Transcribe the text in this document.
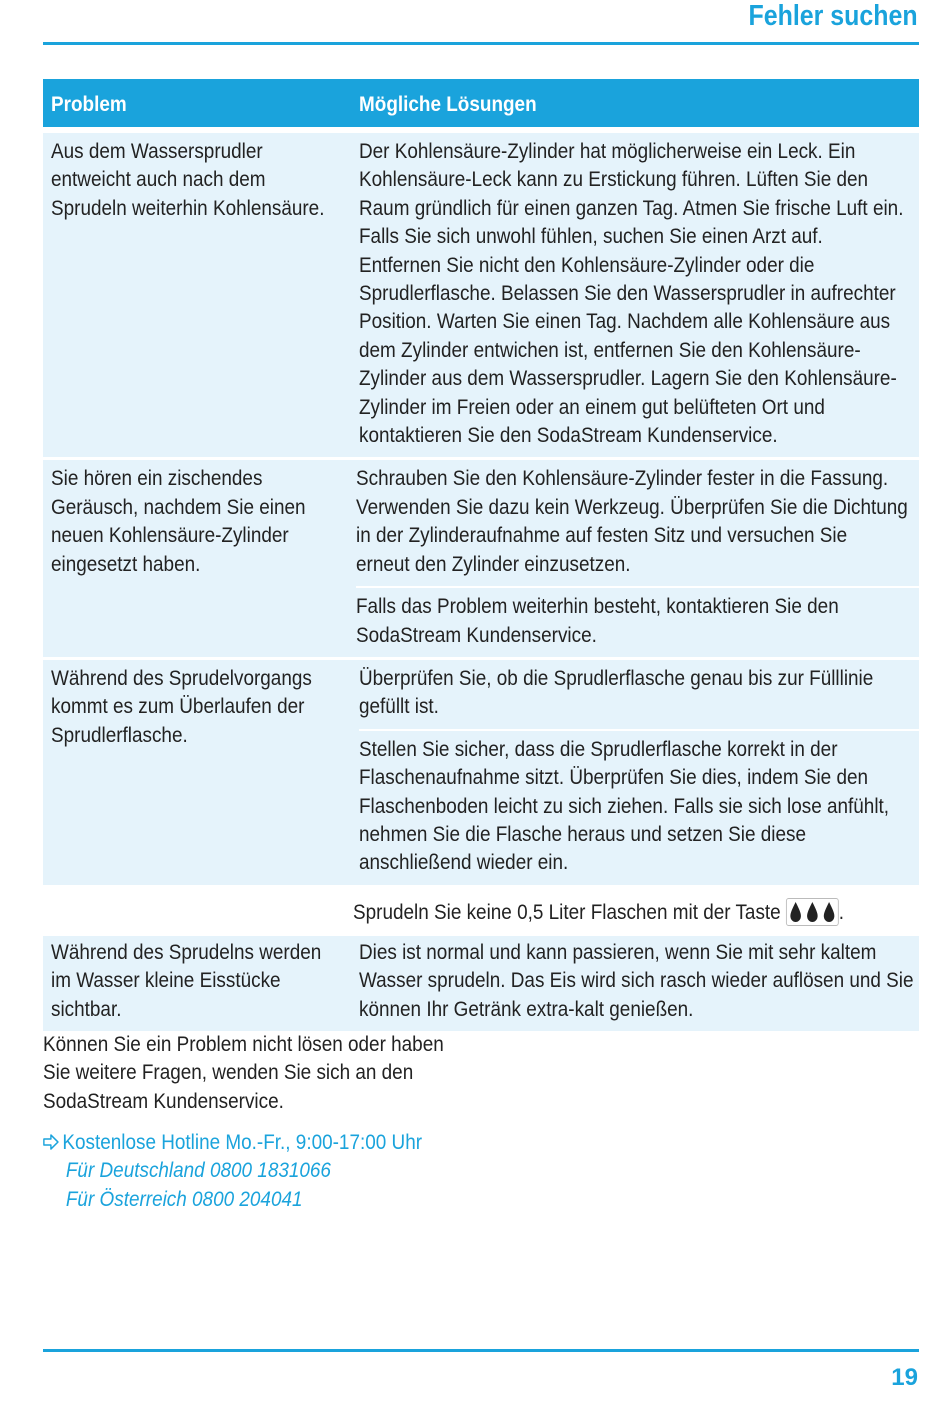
Fehler suchen
Problem	Mögliche Lösungen
Aus dem Wassersprudler
entweicht auch nach dem
Sprudeln weiterhin Kohlensäure.
Der Kohlensäure-Zylinder hat möglicherweise ein Leck. Ein
Kohlensäure-Leck kann zu Erstickung führen. Lüften Sie den
Raum gründlich für einen ganzen Tag. Atmen Sie frische Luft ein.
Falls Sie sich unwohl fühlen, suchen Sie einen Arzt auf.
Entfernen Sie nicht den Kohlensäure-Zylinder oder die
Sprudlerflasche. Belassen Sie den Wassersprudler in aufrechter
Position. Warten Sie einen Tag. Nachdem alle Kohlensäure aus
dem Zylinder entwichen ist, entfernen Sie den Kohlensäure-
Zylinder aus dem Wassersprudler. Lagern Sie den Kohlensäure-
Zylinder im Freien oder an einem gut belüfteten Ort und
kontaktieren Sie den SodaStream Kundenservice.
Sie hören ein zischendes
Geräusch, nachdem Sie einen
neuen Kohlensäure-Zylinder
eingesetzt haben.
Schrauben Sie den Kohlensäure-Zylinder fester in die Fassung.
Verwenden Sie dazu kein Werkzeug. Überprüfen Sie die Dichtung
in der Zylinderaufnahme auf festen Sitz und versuchen Sie
erneut den Zylinder einzusetzen.
Falls das Problem weiterhin besteht, kontaktieren Sie den
SodaStream Kundenservice.
Während des Sprudelvorgangs
kommt es zum Überlaufen der
Sprudlerflasche.
Überprüfen Sie, ob die Sprudlerflasche genau bis zur Fülllinie
gefüllt ist.
Stellen Sie sicher, dass die Sprudlerflasche korrekt in der
Flaschenaufnahme sitzt. Überprüfen Sie dies, indem Sie den
Flaschenboden leicht zu sich ziehen. Falls sie sich lose anfühlt,
nehmen Sie die Flasche heraus und setzen Sie diese
anschließend wieder ein.
Sprudeln Sie keine 0,5 Liter Flaschen mit der Taste	.
Während des Sprudelns werden
im Wasser kleine Eisstücke
sichtbar.
Dies ist normal und kann passieren, wenn Sie mit sehr kaltem
Wasser sprudeln. Das Eis wird sich rasch wieder auflösen und Sie
können Ihr Getränk extra-kalt genießen.
Können Sie ein Problem nicht lösen oder haben
Sie weitere Fragen, wenden Sie sich an den
SodaStream Kundenservice.
Kostenlose Hotline Mo.-Fr., 9:00-17:00 Uhr
Für Deutschland 0800 1831066
Für Österreich 0800 204041
19
